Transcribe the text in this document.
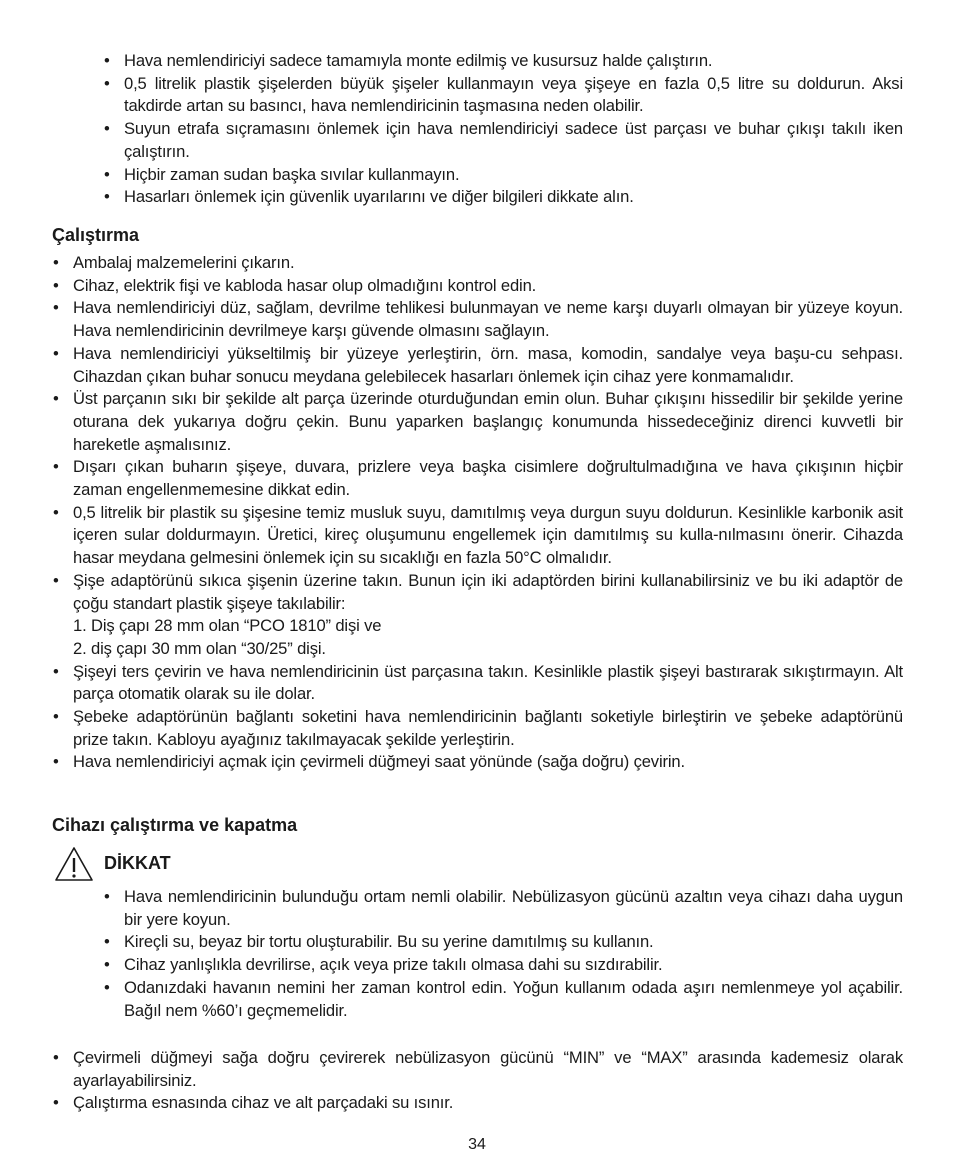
• Hava nemlendiriciyi sadece tamamıyla monte edilmiş ve kusursuz halde çalıştırın.
• 0,5 litrelik plastik şişelerden büyük şişeler kullanmayın veya şişeye en fazla 0,5 litre su doldurun. Aksi takdirde artan su basıncı, hava nemlendiricinin taşmasına neden olabilir.
• Suyun etrafa sıçramasını önlemek için hava nemlendiriciyi sadece üst parçası ve buhar çıkışı takılı iken çalıştırın.
• Hiçbir zaman sudan başka sıvılar kullanmayın.
• Hasarları önlemek için güvenlik uyarılarını ve diğer bilgileri dikkate alın.
Çalıştırma
• Ambalaj malzemelerini çıkarın.
• Cihaz, elektrik fişi ve kabloda hasar olup olmadığını kontrol edin.
• Hava nemlendiriciyi düz, sağlam, devrilme tehlikesi bulunmayan ve neme karşı duyarlı olmayan bir yüzeye koyun. Hava nemlendiricinin devrilmeye karşı güvende olmasını sağlayın.
• Hava nemlendiriciyi yükseltilmiş bir yüzeye yerleştirin, örn. masa, komodin, sandalye veya başu-cu sehpası. Cihazdan çıkan buhar sonucu meydana gelebilecek hasarları önlemek için cihaz yere konmamalıdır.
• Üst parçanın sıkı bir şekilde alt parça üzerinde oturduğundan emin olun. Buhar çıkışını hissedilir bir şekilde yerine oturana dek yukarıya doğru çekin. Bunu yaparken başlangıç konumunda hissedeceğiniz direnci kuvvetli bir hareketle aşmalısınız.
• Dışarı çıkan buharın şişeye, duvara, prizlere veya başka cisimlere doğrultulmadığına ve hava çıkışının hiçbir zaman engellenmemesine dikkat edin.
• 0,5 litrelik bir plastik su şişesine temiz musluk suyu, damıtılmış veya durgun suyu doldurun. Kesinlikle karbonik asit içeren sular doldurmayın. Üretici, kireç oluşumunu engellemek için damıtılmış su kulla-nılmasını önerir. Cihazda hasar meydana gelmesini önlemek için su sıcaklığı en fazla 50°C olmalıdır.
• Şişe adaptörünü sıkıca şişenin üzerine takın. Bunun için iki adaptörden birini kullanabilirsiniz ve bu iki adaptör de çoğu standart plastik şişeye takılabilir:
1. Diş çapı 28 mm olan “PCO 1810” dişi ve
2. diş çapı 30 mm olan “30/25” dişi.
• Şişeyi ters çevirin ve hava nemlendiricinin üst parçasına takın. Kesinlikle plastik şişeyi bastırarak sıkıştırmayın. Alt parça otomatik olarak su ile dolar.
• Şebeke adaptörünün bağlantı soketini hava nemlendiricinin bağlantı soketiyle birleştirin ve şebeke adaptörünü prize takın. Kabloyu ayağınız takılmayacak şekilde yerleştirin.
• Hava nemlendiriciyi açmak için çevirmeli düğmeyi saat yönünde (sağa doğru) çevirin.
Cihazı çalıştırma ve kapatma

DİKKAT

• Hava nemlendiricinin bulunduğu ortam nemli olabilir. Nebülizasyon gücünü azaltın veya cihazı daha uygun bir yere koyun.
• Kireçli su, beyaz bir tortu oluşturabilir. Bu su yerine damıtılmış su kullanın.
• Cihaz yanlışlıkla devrilirse, açık veya prize takılı olmasa dahi su sızdırabilir.
• Odanızdaki havanın nemini her zaman kontrol edin. Yoğun kullanım odada aşırı nemlenmeye yol açabilir. Bağıl nem %60’ı geçmemelidir.
• Çevirmeli düğmeyi sağa doğru çevirerek nebülizasyon gücünü “MIN” ve “MAX” arasında kademesiz olarak ayarlayabilirsiniz.
• Çalıştırma esnasında cihaz ve alt parçadaki su ısınır.
34
